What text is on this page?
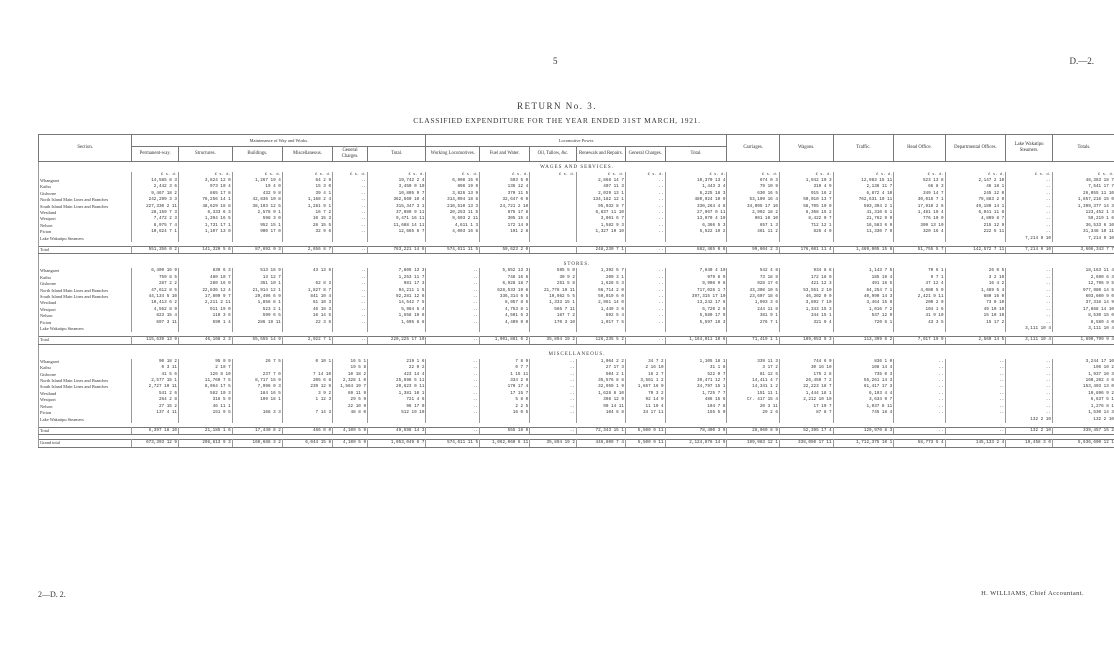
5	D.—2.
RETURN No. 3.
CLASSIFIED EXPENDITURE FOR THE YEAR ENDED 31ST MARCH, 1921.
Section.	Maintenance of Way and Works.						Locomotive Power.						Carriages.	Wagons.	Traffic.	Head Office.	Departmental Offices.	Lake Wakatipu Steamers.	Totals.
	Permanent-way.	Structures.	Buildings.	Miscellaneous.	General Charges.	Total.	Working Locomotives.	Fuel and Water.	Oil, Tallow, &c.	Renewals and Repairs.	General Charges.	Total.							
WAGES AND SERVICES.																			
	£ s. d.	£ s. d.	£ s. d.	£ s. d.	£ s. d.	£ s. d.	£ s. d.	£ s. d.	£ s. d.	£ s. d.	£ s. d.	£ s. d.	£ s. d.	£ s. d.	£ s. d.	£ s. d.	£ s. d.	£ s. d.	£ s. d.
Whangarei	14,585 8 3	3,824 12 0	1,267 19 4	64 2 9	..	19,742 2 4	6,908 15 9	593 5 0		2,868 14 7	..	10,370 13 4	674 0 3	1,942 10 3	12,983 15 11	523 13 8	2,147 2 10	..	48,383 18 7
Kaihu	2,442 3 6	973 10 4	19 4 0	15 3 0	..	3,450 0 10	898 19 9	136 12 4		407 11 3	..	1,443 3 4	79 10 9	319 4 9	2,136 11 7	66 8 3	46 18 1	..	7,541 17 7
Gisborne	9,467 18 2	865 17 8	432 9 8	39 4 1	..	10,805 9 7	3,826 13 9	370 11 5		2,029 13 1	..	6,225 18 3	630 16 5	915 16 2	6,872 4 10	349 14 7	245 12 0	..	26,055 11 10
North Island Main Lines and Branches	242,299 3 3	76,256 14 1	42,836 10 8	1,168 2 4	..	362,560 10 4	314,094 18 8	32,647 0 0		134,182 12 1	..	480,924 10 9	53,109 16 4	50,010 13 7	762,631 10 11	30,016 7 1	79,883 2 0	..	1,857,216 15 0
South Island Main Lines and Branches	227,330 2 11	48,629 18 8	38,103 12 5	1,281 9 1	..	315,347 3 1	210,510 13 3	24,721 2 10		95,032 8 7	..	330,264 4 8	34,095 17 10	58,705 10 0	593,394 2 1	17,910 2 6	49,180 14 1	..	1,399,377 14 3
Westland	28,159 7 3	6,333 6 3	2,578 9 1	16 7 2	..	37,089 9 11	20,253 11 5	875 17 8		6,837 11 10	..	27,967 0 11	2,992 18 2	6,368 15 2	41,310 6 1	1,481 19 4	6,041 11 8	..	123,452 1 3
Westport	7,472 2 3	1,394 16 5	598 3 0	10 15 3	..	9,471 16 11	9,503 2 11	305 15 4		3,061 6 7	..	13,070 4 10	901 10 10	8,422 0 7	21,762 9 9	776 10 0	4,809 8 7	..	59,219 1 6
Nelson	8,975 7 4	1,731 17 1	952 15 1	28 15 5	..	11,688 14 11	4,611 1 3	172 14 9		1,582 9 3	..	6,366 5 3	657 1 3	712 12 1	16,583 6 9	309 13 10	215 12 9	..	36,533 6 10
Picton	10,624 7 1	1,107 13 0	900 17 0	32 9 6	..	12,665 6 7	4,003 16 8	191 2 8		1,327 19 10	..	5,522 19 2	461 11 2	825 4 0	11,330 7 9	320 16 4	222 5 11	..	31,348 10 11
Lake Wakatipu Steamers																		7,214 9 10	7,214 9 10

Total	551,356 0 2	141,320 5 6	87,692 0 3	2,656 8 7	..	783,221 14 6	574,611 11 5	59,623 2 0		248,230 7 1	..	882,465 0 6	99,604 2 3	176,601 11 4	1,469,005 15 8	51,755 5 7	142,572 7 11	7,214 9 10	3,606,343 7 7

STORES.																			
Whangarei	6,409 16 9	839 6 3	513 16 9	43 13 6	..	7,806 13 3	..	5,652 13 3	595 5 0	1,392 6 7	..	7,640 4 10	542 4 8	934 8 8	1,143 7 5	70 6 1	26 0 5	..	18,163 11 4
Kaihu	759 8 5	480 10 7	13 12 7		..	1,253 11 7	..	748 16 6	30 9 2	200 3 1	..	979 8 9	73 18 8	172 18 0	185 19 4	9 7 1	3 2 10	..	2,690 6 3
Gisborne	287 2 2	280 16 9	351 10 1	62 8 3	..	981 17 3	..	6,928 18 7	251 5 8	1,628 5 3	..	9,908 9 6	928 17 6	421 12 3	491 16 5	47 12 4	16 4 2	..	12,796 9 5
North Island Main Lines and Branches	47,612 8 5	22,836 12 4	21,914 12 1	1,827 8 7	..	94,211 1 5	..	628,533 19 8	21,778 19 11	66,714 2 0	..	717,026 1 7	43,308 10 5	53,551 2 10	64,254 7 1	4,080 5 9	1,489 5 4	..	977,980 14 5
South Island Main Lines and Branches	44,134 5 10	17,809 9 7	29,496 6 9	841 10 4	..	92,281 12 6	..	336,314 6 5	10,982 5 5	50,019 6 0	..	397,315 17 10	23,607 18 6	46,302 0 0	40,990 14 3	2,421 9 11	880 16 0	..	603,600 9 0
Westland	10,413 6 2	2,211 2 11	1,856 8 1	61 10 3	..	14,542 7 5	..	8,957 8 5	1,333 15 1	2,951 14 0	..	13,242 17 6	1,993 3 6	3,892 7 10	3,464 15 8	200 2 0	73 0 10	..	37,318 14 9
Westport	4,562 8 9	911 19 0	523 2 1	46 18 3	..	5,984 6 4	..	4,753 8 1	565 7 11	1,449 3 6	..	6,720 2 6	244 11 8	1,343 15 3	1,016 7 2	104 1 6	49 10 10	..	17,868 14 10
Nelson	823 15 4	119 3 6	599 6 5	16 14 5	..	1,558 19 8	..	4,501 5 3	187 7 2	892 5 4	..	5,580 17 9	381 9 1	344 15 1	537 12 9	41 9 10	15 10 10	..	8,530 15 0
Picton	697 3 11	599 1 4	286 19 11	22 3 6	..	1,605 8 8	..	4,409 9 0	170 3 10	1,017 7 5	..	5,597 10 3	276 7 1	321 9 4	720 6 1	43 3 5	15 17 2	..	8,580 4 0
Lake Wakatipu Steamers																		3,111 10 4	3,111 10 4

Total	115,639 13 9	46,108 2 3	55,555 14 9	2,922 7 1	..	220,225 17 10	..	1,001,861 6 2	35,894 19 2	126,235 5 2	..	1,164,011 10 6	71,419 1 1	109,053 9 3	113,399 6 2	7,017 19 9	2,560 14 5	3,111 10 4	1,690,799 9 4

MISCELLANEOUS.																			
Whangarei	90 18 2	95 0 9	26 7 5	0 10 1	16 5 1	219 1 6	..	7 8 9	..	1,064 2 2	34 7 2	1,105 18 1	339 11 3	744 6 0	836 1 0	..	..	..	3,244 17 10
Kaihu	0 3 11	2 10 7			19 5 8	22 0 2	..	0 7 7	..	27 17 3	2 16 10	31 1 8	3 17 2	30 16 10	108 14 4	..	..	..	196 10 2
Gisborne	41 5 6	126 8 10	237 7 0	7 14 10	10 18 2	423 14 4	..	1 15 11	..	504 2 1	16 2 7	522 0 7	81 12 5	175 2 8	735 0 3	..	..	..	1,937 10 3
North Island Main Lines and Branches	2,577 15 1	11,769 7 5	8,717 15 9	205 6 8	2,328 1 0	25,598 5 11	..	334 2 9	..	35,576 8 8	3,561 1 2	39,471 12 7	14,411 4 7	26,459 7 2	55,261 14 3	..	..	..	160,202 4 6
South Island Main Lines and Branches	2,727 10 11	8,064 17 5	7,996 0 3	239 12 9	1,564 19 7	20,623 0 11	..	170 17 4	..	32,959 1 9	1,667 16 0	34,797 15 1	14,341 1 2	22,223 18 7	61,417 17 3	..	..	..	153,403 13 0
Westland	541 2 6	582 10 3	184 16 5	3 9 2	69 11 9	1,381 10 1	..	17 15 7	..	1,628 8 10	79 3 2	1,725 7 7	151 11 1	1,444 18 1	6,193 4 4	..	..	..	10,896 9 2
Westport	264 2 8	316 5 9	109 18 1	1 12 3	29 5 9	721 4 6	..	5 8 0	..	398 12 9	92 14 9	486 15 6	Cr. 417 15 4	2,212 10 10	3,634 9 7	..	..	..	6,637 5 1
Nelson	27 15 2	46 11 1			22 10 9	96 17 0	..	2 2 5	..	90 14 11	11 10 4	104 7 8	20 3 11	17 10 7	1,037 8 11	..	..	..	1,276 8 1
Picton	137 4 11	151 9 5	168 3 3	7 14 3	48 8 0	512 19 10	..	16 0 5	..	104 6 8	34 17 11	155 5 0	29 2 6	87 8 7	745 18 4	..	..	..	1,530 14 3
Lake Wakatipu Steamers																		132 2 10	132 2 10

Total	6,397 18 10	21,185 1 6	17,440 8 2	466 0 0	4,109 5 9	49,598 14 3	..	555 18 9	..	72,343 15 1	5,500 9 11	78,400 3 9	28,960 8 9	52,395 17 4	129,970 8 3	..	..	132 2 10	339,457 15 2

Grand total	673,393 12 9	208,613 9 3	160,688 3 2	6,044 15 8	4,109 5 9	1,053,049 6 7	574,611 11 5	1,062,060 6 11	35,894 19 2	446,809 7 4	5,500 9 11	2,124,876 14 9	199,983 12 1	338,050 17 11	1,712,375 10 1	58,773 5 4	145,133 2 4	10,458 3 0	5,636,600 12 1
2—D. 2.	H. WILLIAMS, Chief Accountant.
